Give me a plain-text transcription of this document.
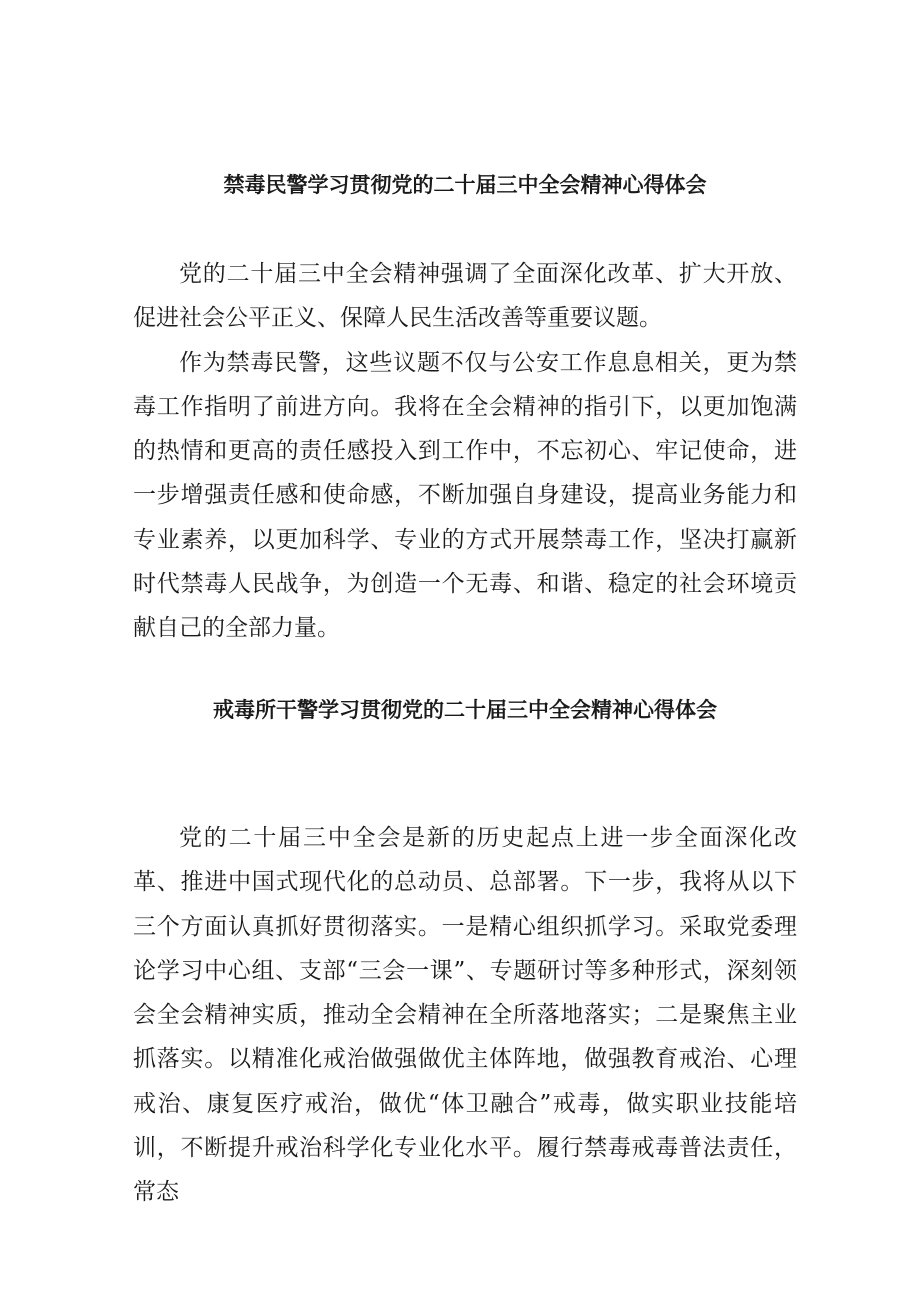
禁毒民警学习贯彻党的二十届三中全会精神心得体会

党的二十届三中全会精神强调了全面深化改革、扩大开放、促进社会公平正义、保障人民生活改善等重要议题。

作为禁毒民警，这些议题不仅与公安工作息息相关，更为禁毒工作指明了前进方向。我将在全会精神的指引下，以更加饱满的热情和更高的责任感投入到工作中，不忘初心、牢记使命，进一步增强责任感和使命感，不断加强自身建设，提高业务能力和专业素养，以更加科学、专业的方式开展禁毒工作，坚决打赢新时代禁毒人民战争，为创造一个无毒、和谐、稳定的社会环境贡献自己的全部力量。

戒毒所干警学习贯彻党的二十届三中全会精神心得体会

党的二十届三中全会是新的历史起点上进一步全面深化改革、推进中国式现代化的总动员、总部署。下一步，我将从以下三个方面认真抓好贯彻落实。一是精心组织抓学习。采取党委理论学习中心组、支部“三会一课”、专题研讨等多种形式，深刻领会全会精神实质，推动全会精神在全所落地落实；二是聚焦主业抓落实。以精准化戒治做强做优主体阵地，做强教育戒治、心理戒治、康复医疗戒治，做优“体卫融合”戒毒，做实职业技能培训，不断提升戒治科学化专业化水平。履行禁毒戒毒普法责任，常态
